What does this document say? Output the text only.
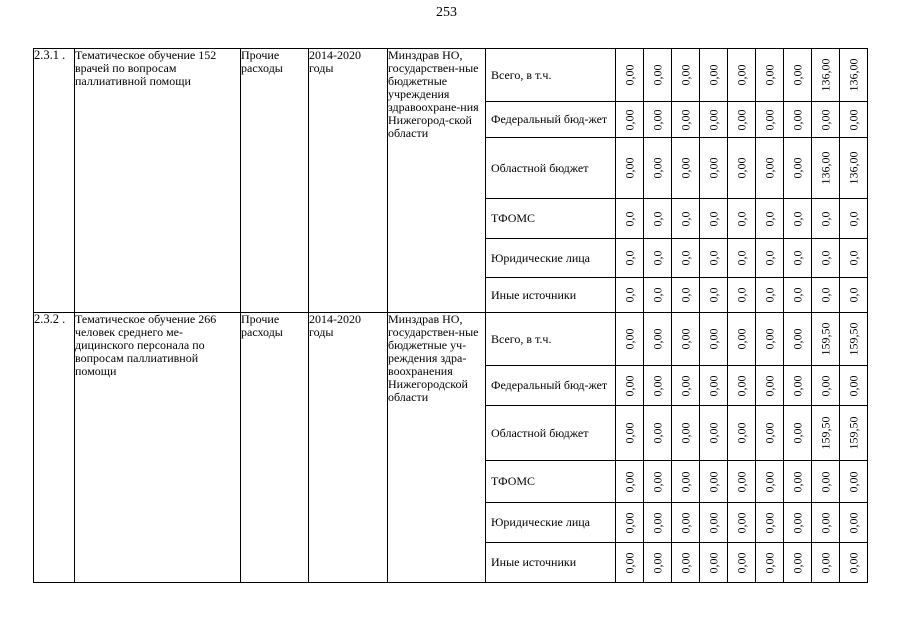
253
2.3.1 .	Тематическое обучение 152 врачей по вопросам паллиативной помощи	Прочие расходы	2014-2020 годы	Минздрав НО, государствен-ные бюджетные учреждения здравоохране-ния Нижегород-ской области	Всего, в т.ч.	0,00	0,00	0,00	0,00	0,00	0,00	0,00	136,00	136,00

					Федеральный бюд-жет	0,00	0,00	0,00	0,00	0,00	0,00	0,00	0,00	0,00

					Областной бюджет	0,00	0,00	0,00	0,00	0,00	0,00	0,00	136,00	136,00

					ТФОМС	0,0	0,0	0,0	0,0	0,0	0,0	0,0	0,0	0,0

					Юридические лица	0,0	0,0	0,0	0,0	0,0	0,0	0,0	0,0	0,0

					Иные источники	0,0	0,0	0,0	0,0	0,0	0,0	0,0	0,0	0,0

2.3.2 .	Тематическое обучение 266 человек среднего ме-дицинского персонала по вопросам паллиативной помощи	Прочие расходы	2014-2020 годы	Минздрав НО, государствен-ные бюджетные уч-реждения здра-воохранения Нижегородской области	Всего, в т.ч.	0,00	0,00	0,00	0,00	0,00	0,00	0,00	159,50	159,50

					Федеральный бюд-жет	0,00	0,00	0,00	0,00	0,00	0,00	0,00	0,00	0,00

					Областной бюджет	0,00	0,00	0,00	0,00	0,00	0,00	0,00	159,50	159,50

					ТФОМС	0,00	0,00	0,00	0,00	0,00	0,00	0,00	0,00	0,00

					Юридические лица	0,00	0,00	0,00	0,00	0,00	0,00	0,00	0,00	0,00

					Иные источники	0,00	0,00	0,00	0,00	0,00	0,00	0,00	0,00	0,00
